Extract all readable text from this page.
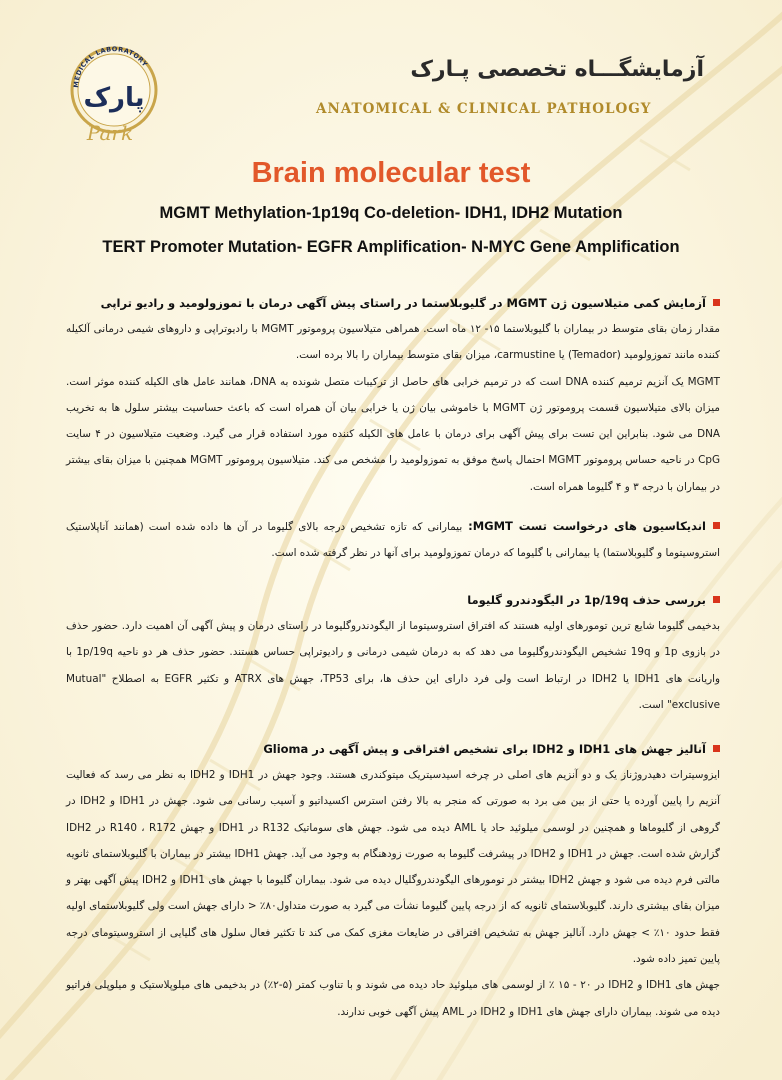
MEDICAL LABORATORY
پارک
Park
آزمایشگـــاه تخصصی پـارک
ANATOMICAL & CLINICAL PATHOLOGY
Brain molecular test
MGMT Methylation-1p19q Co-deletion- IDH1, IDH2 Mutation
TERT Promoter Mutation- EGFR Amplification- N-MYC Gene Amplification
آزمایش کمی متیلاسیون ژن MGMT در گلیوبلاستما در راستای پیش آگهی درمان با تموزولومید و رادیو تراپی

مقدار زمان بقای متوسط در بیماران با گلیوبلاستما ۱۵- ۱۲ ماه است. همراهی متیلاسیون پروموتور MGMT با رادیوتراپی و داروهای شیمی درمانی آلکیله کننده مانند تموزولومید (Temador) یا carmustine، میزان بقای متوسط بیماران را بالا برده است.

MGMT یک آنزیم ترمیم کننده DNA است که در ترمیم خرابی های حاصل از ترکیبات متصل شونده به DNA، همانند عامل های الکیله کننده موثر است. میزان بالای متیلاسیون قسمت پروموتور ژن MGMT با خاموشی بیان ژن یا خرابی بیان آن همراه است که باعث حساسیت بیشتر سلول ها به تخریب DNA می شود. بنابراین این تست برای پیش آگهی برای درمان با عامل های الکیله کننده مورد استفاده قرار می گیرد. وضعیت متیلاسیون در ۴ سایت CpG در ناحیه حساس پروموتور MGMT احتمال پاسخ موفق به تموزولومید را مشخص می کند. متیلاسیون پروموتور MGMT همچنین با میزان بقای بیشتر در بیماران با درجه ۳ و ۴ گلیوما همراه است.

اندیکاسیون های درخواست تست MGMT: بیمارانی که تازه تشخیص درجه بالای گلیوما در آن ها داده شده است (همانند آناپلاستیک استروسیتوما و گلیوبلاستما) یا بیمارانی با گلیوما که درمان تموزولومید برای آنها در نظر گرفته شده است.
بررسی حذف 1p/19q در الیگودندرو گلیوما

بدخیمی گلیوما شایع ترین تومورهای اولیه هستند که افتراق استروسیتوما از الیگودندروگلیوما در راستای درمان و پیش آگهی آن اهمیت دارد. حضور حذف در بازوی 1p و 19q تشخیص الیگودندروگلیوما می دهد که به درمان شیمی درمانی و رادیوتراپی حساس هستند. حضور حذف هر دو ناحیه 1p/19q با واریانت های IDH1 یا IDH2 در ارتباط است ولی فرد دارای این حذف ها، برای TP53، جهش های ATRX و تکثیر EGFR به اصطلاح "Mutual exclusive" است.

آنالیز جهش های IDH1 و IDH2 برای تشخیص افتراقی و پیش آگهی در Glioma

ایزوسیترات دهیدروژناز یک و دو آنزیم های اصلی در چرخه اسیدسیتریک میتوکندری هستند. وجود جهش در IDH1 و IDH2 به نظر می رسد که فعالیت آنزیم را پایین آورده یا حتی از بین می برد به صورتی که منجر به بالا رفتن استرس اکسیداتیو و آسیب رسانی می شود. جهش در IDH1 و IDH2 در گروهی از گلیوماها و همچنین در لوسمی میلوئید حاد یا AML دیده می شود. جهش های سوماتیک R132 در IDH1 و جهش R140 ، R172 در IDH2 گزارش شده است. جهش در IDH1 و IDH2 در پیشرفت گلیوما به صورت زودهنگام به وجود می آید. جهش IDH1 بیشتر در بیماران با گلیوبلاستمای ثانویه مالتی فرم دیده می شود و جهش IDH2 بیشتر در تومورهای الیگودندروگلیال دیده می شود. بیماران گلیوما با جهش های IDH1 و IDH2 پیش آگهی بهتر و میزان بقای بیشتری دارند. گلیوبلاستمای ثانویه که از درجه پایین گلیوما نشأت می گیرد به صورت متداول۸۰٪ < دارای جهش است ولی گلیوبلاستمای اولیه فقط حدود ۱۰٪ > جهش دارد. آنالیز جهش به تشخیص افتراقی در ضایعات مغزی کمک می کند تا تکثیر فعال سلول های گلیایی از استروسیتومای درجه پایین تمیز داده شود.

جهش های IDH1 و IDH2 در ۲۰ - ۱۵ ٪ از لوسمی های میلوئید حاد دیده می شوند و با تناوب کمتر (۵-۲٪) در بدخیمی های میلوپلاستیک و میلوپلی فراتیو دیده می شوند. بیماران دارای جهش های IDH1 و IDH2 در AML پیش آگهی خوبی ندارند.
